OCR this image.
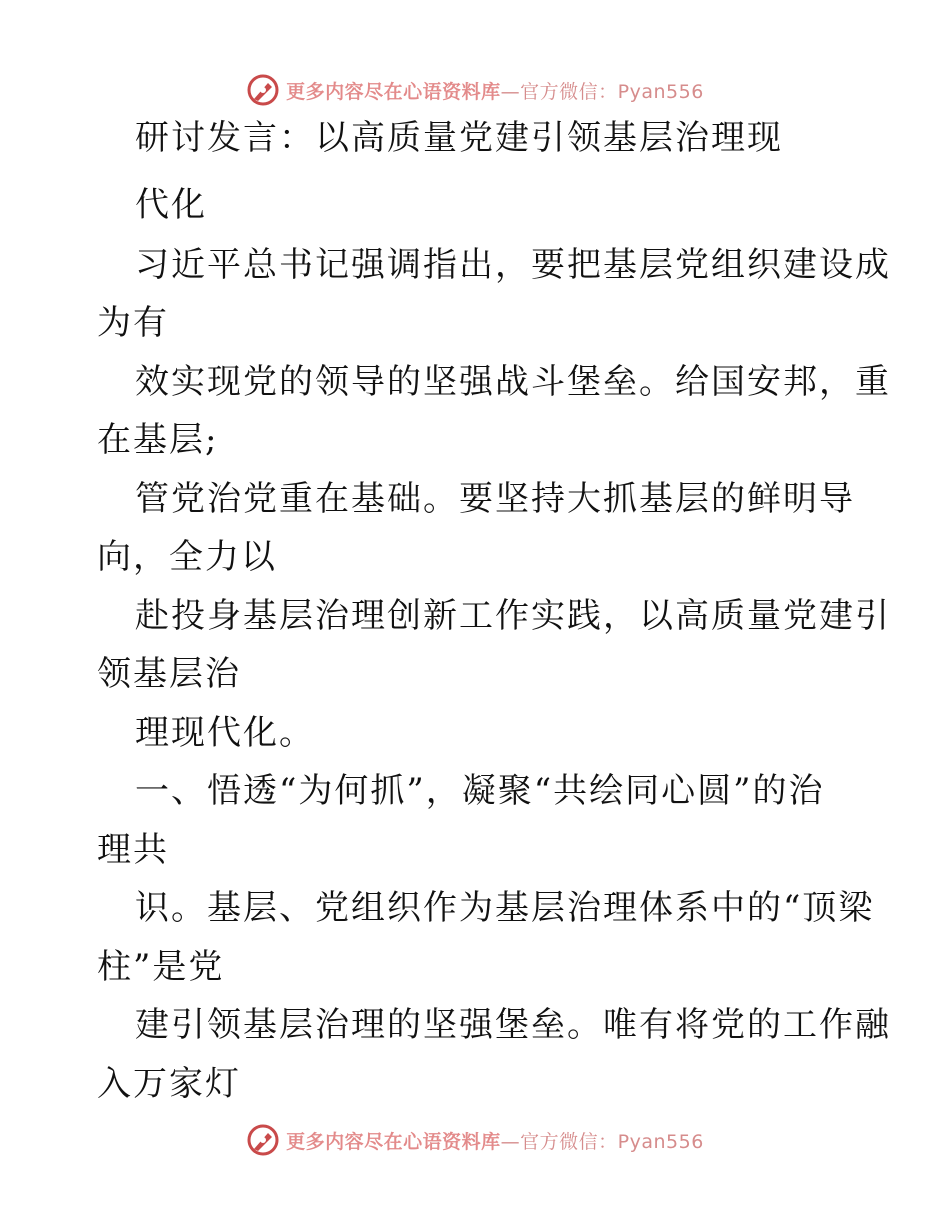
更多内容尽在心语资料库—官方微信：Pyan556
研讨发言：以高质量党建引领基层治理现
代化
习近平总书记强调指出，要把基层党组织建设成
为有
效实现党的领导的坚强战斗堡垒。给国安邦，重
在基层;
管党治党重在基础。要坚持大抓基层的鲜明导
向，全力以
赴投身基层治理创新工作实践，以高质量党建引
领基层治
理现代化。
一、悟透“为何抓”，凝聚“共绘同心圆”的治
理共
识。基层、党组织作为基层治理体系中的“顶梁
柱”是党
建引领基层治理的坚强堡垒。唯有将党的工作融
入万家灯
更多内容尽在心语资料库—官方微信：Pyan556
